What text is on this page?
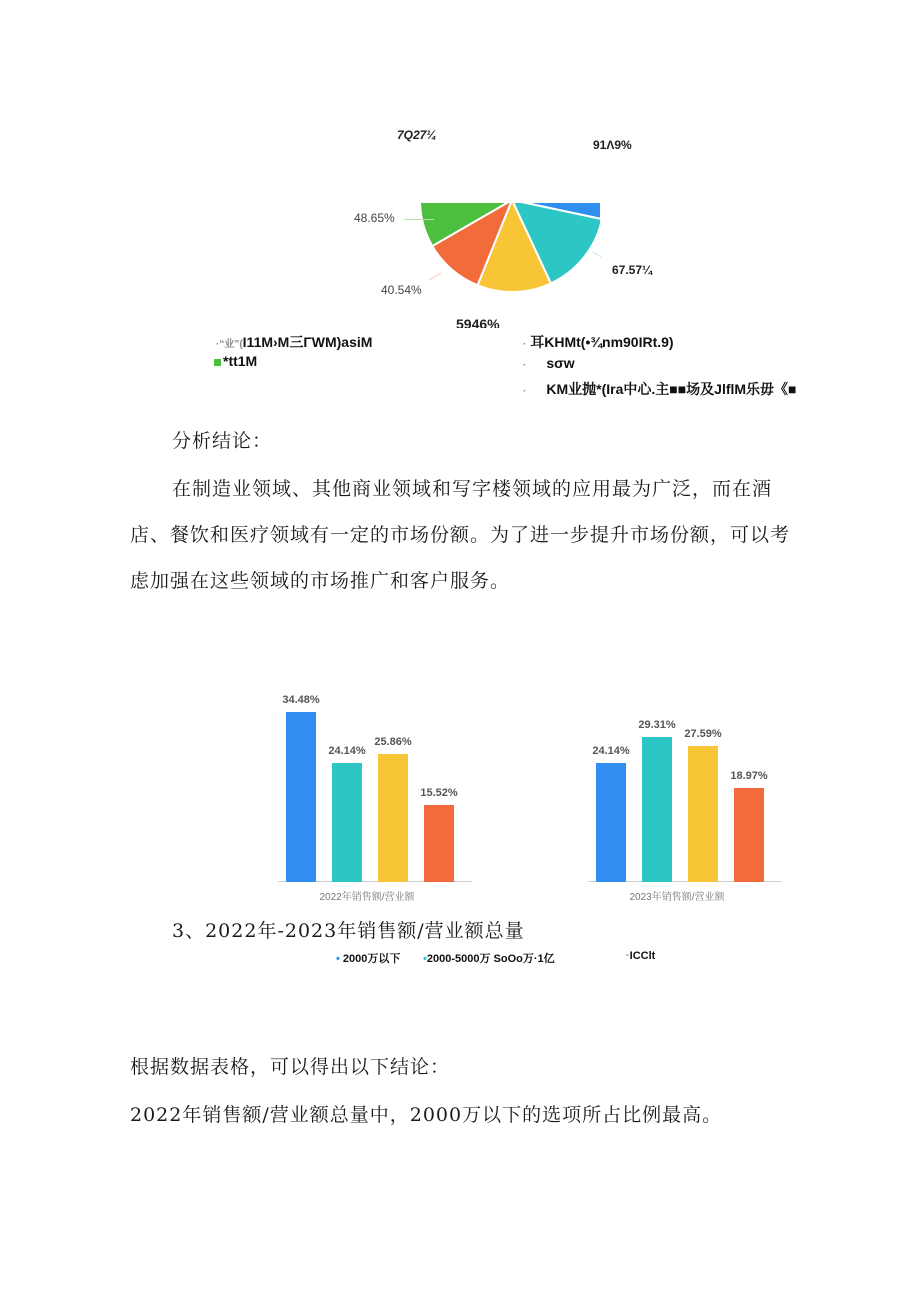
7Q27¼
91Λ9%
48.65%
67.57¼
40.54%
5946%
·“业”(I11M›M三ΓWM)asiM
*tt1M
· 耳KHMt(•¾nm90IRt.9)
· sσw
· KM业抛*(Ira中心.主■■场及JlflM乐毋《■
分析结论：
在制造业领域、其他商业领域和写字楼领域的应用最为广泛，而在酒店、餐饮和医疗领域有一定的市场份额。为了进一步提升市场份额，可以考虑加强在这些领域的市场推广和客户服务。
34.48%
24.14%
25.86%
15.52%
2022年销售额/营业额
24.14%
29.31%
27.59%
18.97%
2023年销售额/营业额
3、2022年-2023年销售额/营业额总量
• 2000万以下 •2000-5000万 SoOo万·1亿	·ICClt
根据数据表格，可以得出以下结论：
2022年销售额/营业额总量中，2000万以下的选项所占比例最高。
